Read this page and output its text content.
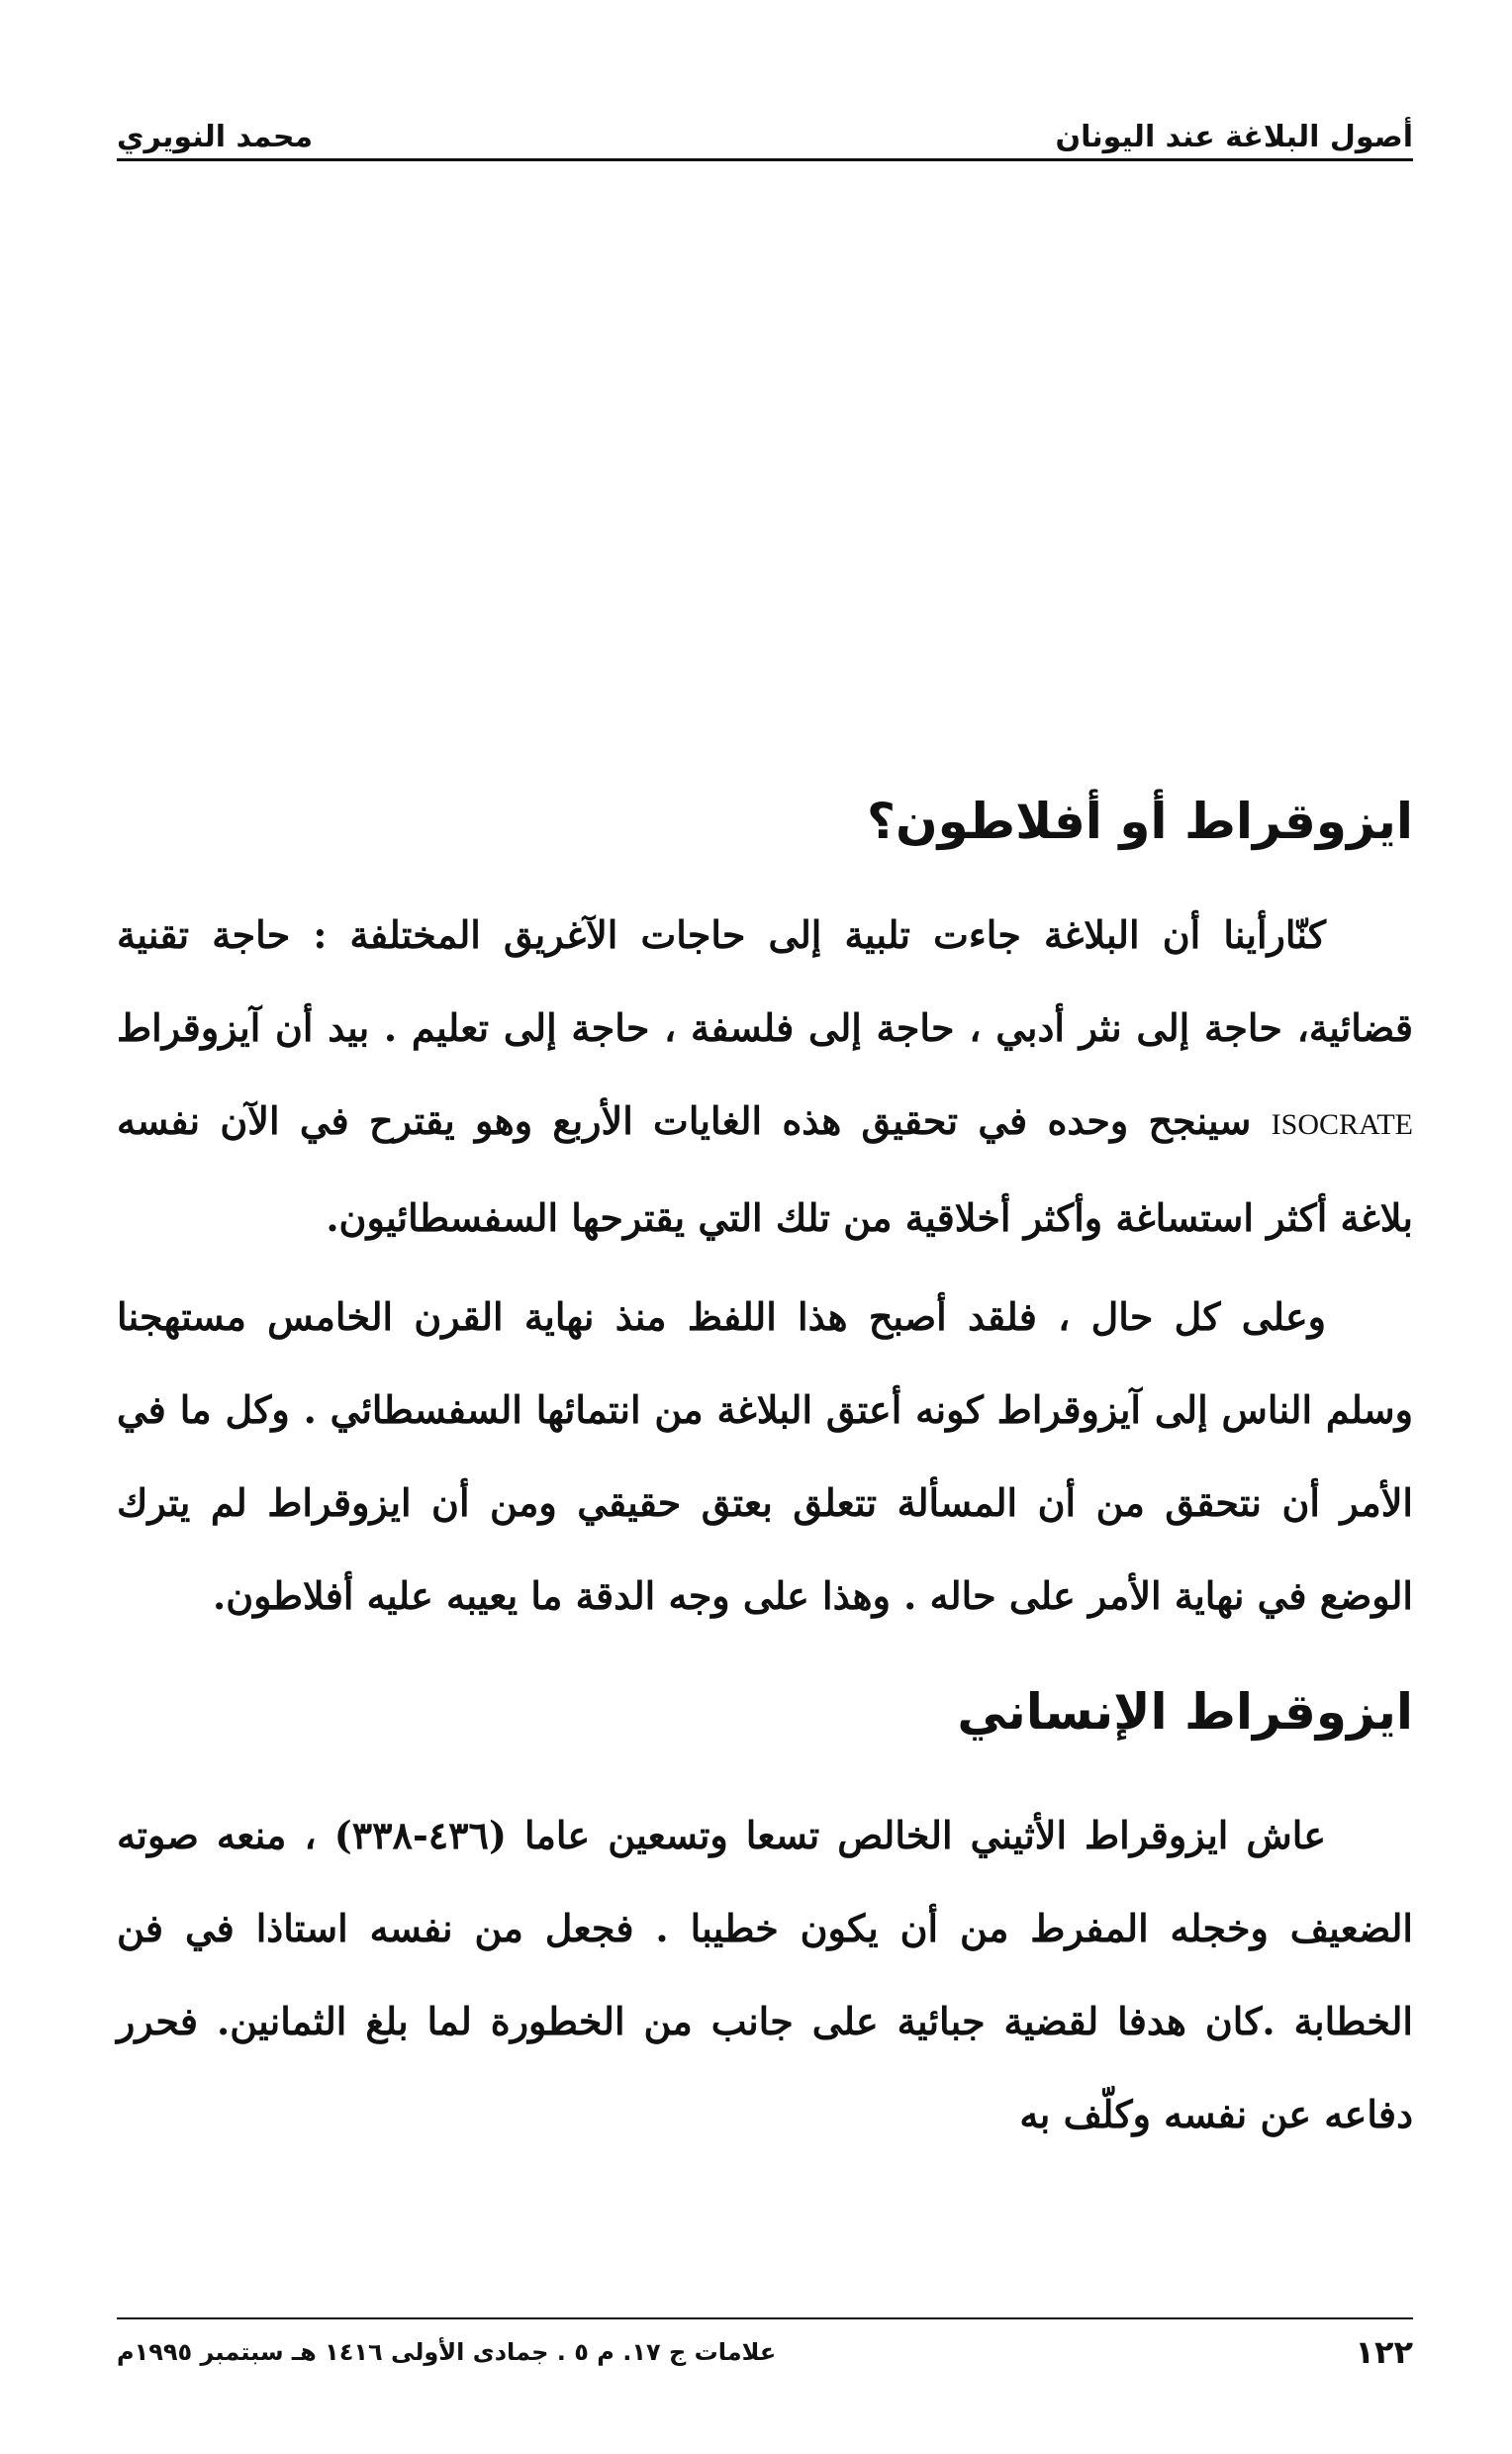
أصول البلاغة عند اليونان
محمد النويري
ايزوقراط أو أفلاطون؟

كنّارأينا أن البلاغة جاءت تلبية إلى حاجات الآغريق المختلفة : حاجة تقنية قضائية، حاجة إلى نثر أدبي ، حاجة إلى فلسفة ، حاجة إلى تعليم . بيد أن آيزوقراط ISOCRATE سينجح وحده في تحقيق هذه الغايات الأربع وهو يقترح في الآن نفسه بلاغة أكثر استساغة وأكثر أخلاقية من تلك التي يقترحها السفسطائيون.

وعلى كل حال ، فلقد أصبح هذا اللفظ منذ نهاية القرن الخامس مستهجنا وسلم الناس إلى آيزوقراط كونه أعتق البلاغة من انتمائها السفسطائي . وكل ما في الأمر أن نتحقق من أن المسألة تتعلق بعتق حقيقي ومن أن ايزوقراط لم يترك الوضع في نهاية الأمر على حاله . وهذا على وجه الدقة ما يعيبه عليه أفلاطون.

ايزوقراط الإنساني

عاش ايزوقراط الأثيني الخالص تسعا وتسعين عاما (٤٣٦-٣٣٨) ، منعه صوته الضعيف وخجله المفرط من أن يكون خطيبا . فجعل من نفسه استاذا في فن الخطابة .كان هدفا لقضية جبائية على جانب من الخطورة لما بلغ الثمانين. فحرر دفاعه عن نفسه وكلّف به

١٢٢
علامات ج ١٧. م ٥ . جمادى الأولى ١٤١٦ هـ سبتمبر ١٩٩٥م
